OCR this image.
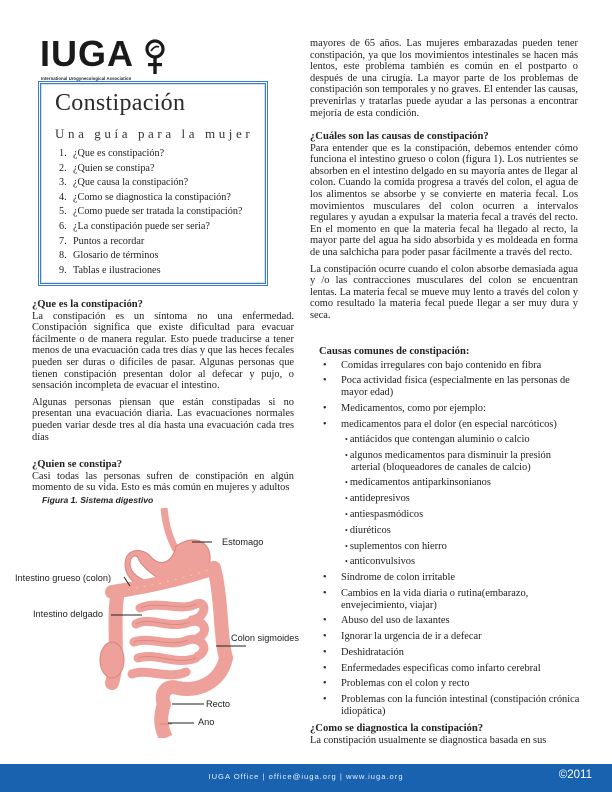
IUGA
International Urogynecological Association
Constipación
Una guía para la mujer
1. ¿Que es constipación?
2. ¿Quien se constipa?
3. ¿Que causa la constipación?
4. ¿Como se diagnostica la constipación?
5. ¿Como puede ser tratada la constipación?
6. ¿La constipación puede ser seria?
7. Puntos a recordar
8. Glosario de términos
9. Tablas e ilustraciones
¿Que es la constipación?

La constipación es un síntoma no una enfermedad. Constipación significa que existe dificultad para evacuar fácilmente o de manera regular. Esto puede traducirse a tener menos de una evacuación cada tres días y que las heces fecales pueden ser duras o difíciles de pasar. Algunas personas que tienen constipación presentan dolor al defecar y pujo, o sensación incompleta de evacuar el intestino.

Algunas personas piensan que están constipadas si no presentan una evacuación diaria. Las evacuaciones normales pueden variar desde tres al día hasta una evacuación cada tres días

¿Quien se constipa?

Casi todas las personas sufren de constipación en algún momento de su vida. Esto es más común en mujeres y adultos

Figura 1. Sistema digestivo
Estomago
Intestino grueso (colon)
Intestino delgado
Colon sigmoides
Recto
Ano

mayores de 65 años. Las mujeres embarazadas pueden tener constipación, ya que los movimientos intestinales se hacen más lentos, este problema también es común en el postparto o después de una cirugía. La mayor parte de los problemas de constipación son temporales y no graves. El entender las causas, prevenirlas y tratarlas puede ayudar a las personas a encontrar mejoría de esta condición.

¿Cuáles son las causas de constipación?

Para entender que es la constipación, debemos entender cómo funciona el intestino grueso o colon (figura 1). Los nutrientes se absorben en el intestino delgado en su mayoría antes de llegar al colon. Cuando la comida progresa a través del colon, el agua de los alimentos se absorbe y se convierte en materia fecal. Los movimientos musculares del colon ocurren a intervalos regulares y ayudan a expulsar la materia fecal a través del recto. En el momento en que la materia fecal ha llegado al recto, la mayor parte del agua ha sido absorbida y es moldeada en forma de una salchicha para poder pasar fácilmente a través del recto.

La constipación ocurre cuando el colon absorbe demasiada agua y /o las contracciones musculares del colon se encuentran lentas. La materia fecal se mueve muy lento a través del colon y como resultado la materia fecal puede llegar a ser muy dura y seca.

Causas comunes de constipación:
• Comidas irregulares con bajo contenido en fibra
• Poca actividad física (especialmente en las personas de mayor edad)
• Medicamentos, como por ejemplo:
• medicamentos para el dolor (en especial narcóticos)
• antiácidos que contengan aluminio o calcio
• algunos medicamentos para disminuir la presión arterial (bloqueadores de canales de calcio)
• medicamentos antiparkinsonianos
• antidepresivos
• antiespasmódicos
• diuréticos
• suplementos con hierro
• anticonvulsivos
• Síndrome de colon irritable
• Cambios en la vida diaria o rutina(embarazo, envejecimiento, viajar)
• Abuso del uso de laxantes
• Ignorar la urgencia de ir a defecar
• Deshidratación
• Enfermedades especificas como infarto cerebral
• Problemas con el colon y recto
• Problemas con la función intestinal (constipación crónica idiopática)
¿Como se diagnostica la constipación?

La constipación usualmente se diagnostica basada en sus

IUGA Office | office@iuga.org | www.iuga.org	©2011
